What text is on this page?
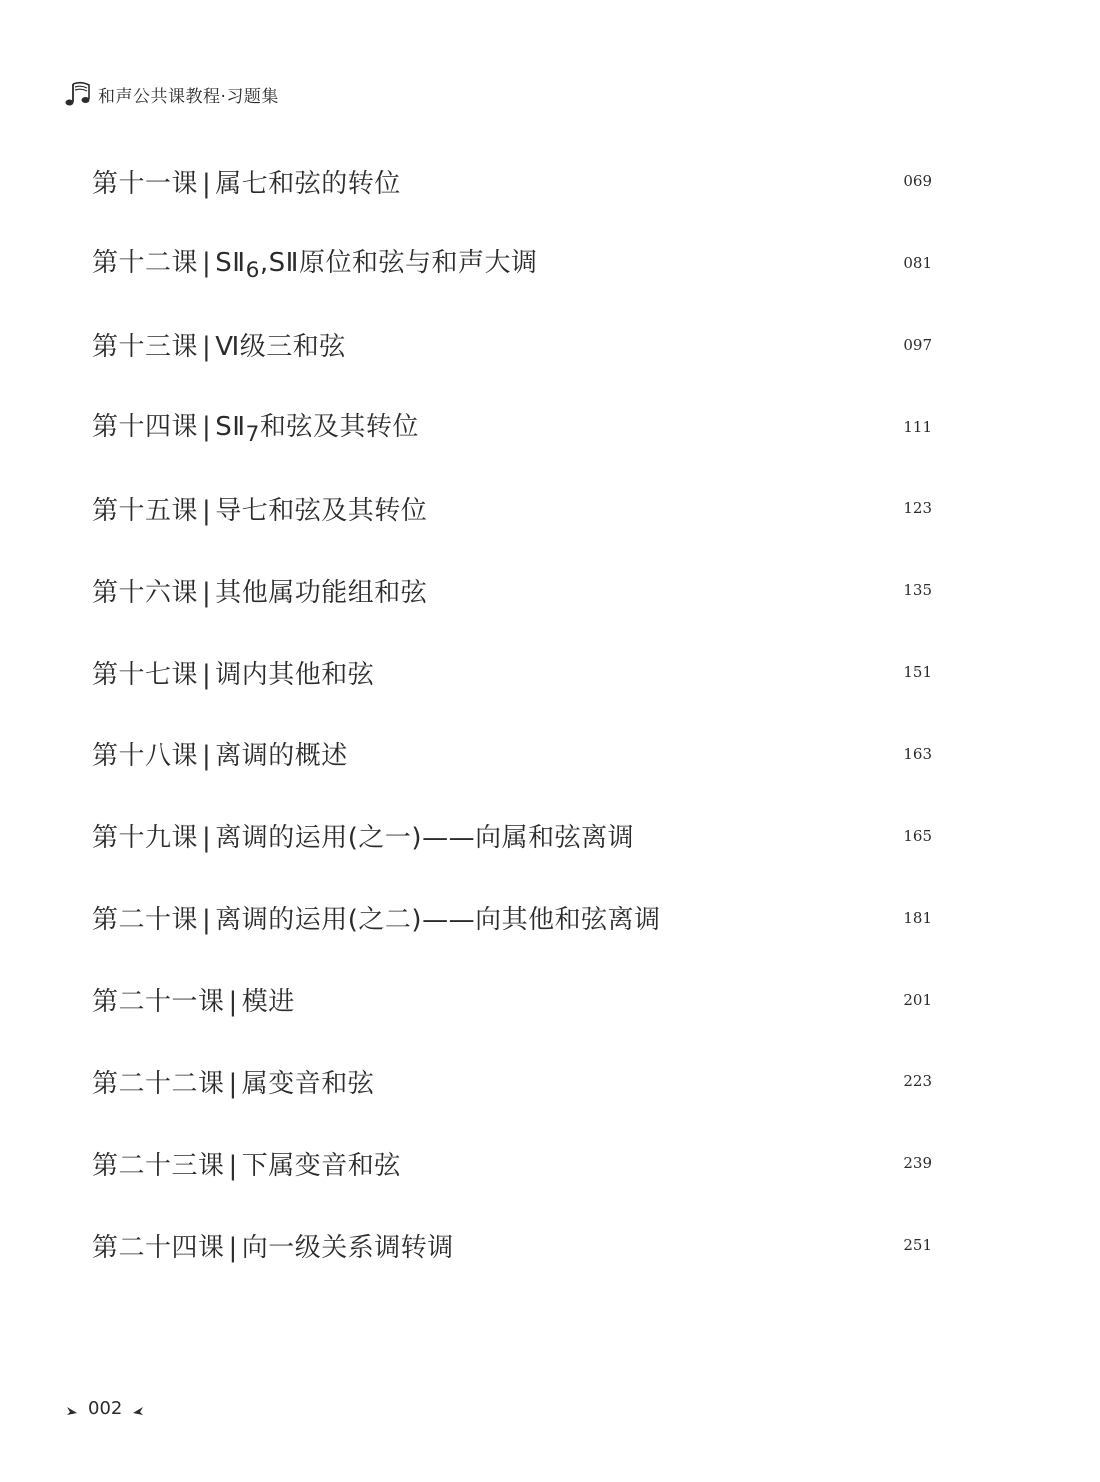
和声公共课教程·习题集
第十一课 | 属七和弦的转位	069
第十二课 | $SⅡ_6,SⅡ$原位和弦与和声大调	081
第十三课 | Ⅵ级三和弦	097
第十四课 | $SⅡ_7$和弦及其转位	111
第十五课 | 导七和弦及其转位	123
第十六课 | 其他属功能组和弦	135
第十七课 | 调内其他和弦	151
第十八课 | 离调的概述	163
第十九课 | 离调的运用(之一)——向属和弦离调	165
第二十课 | 离调的运用(之二)——向其他和弦离调	181
第二十一课 | 模进	201
第二十二课 | 属变音和弦	223
第二十三课 | 下属变音和弦	239
第二十四课 | 向一级关系调转调	251
002
